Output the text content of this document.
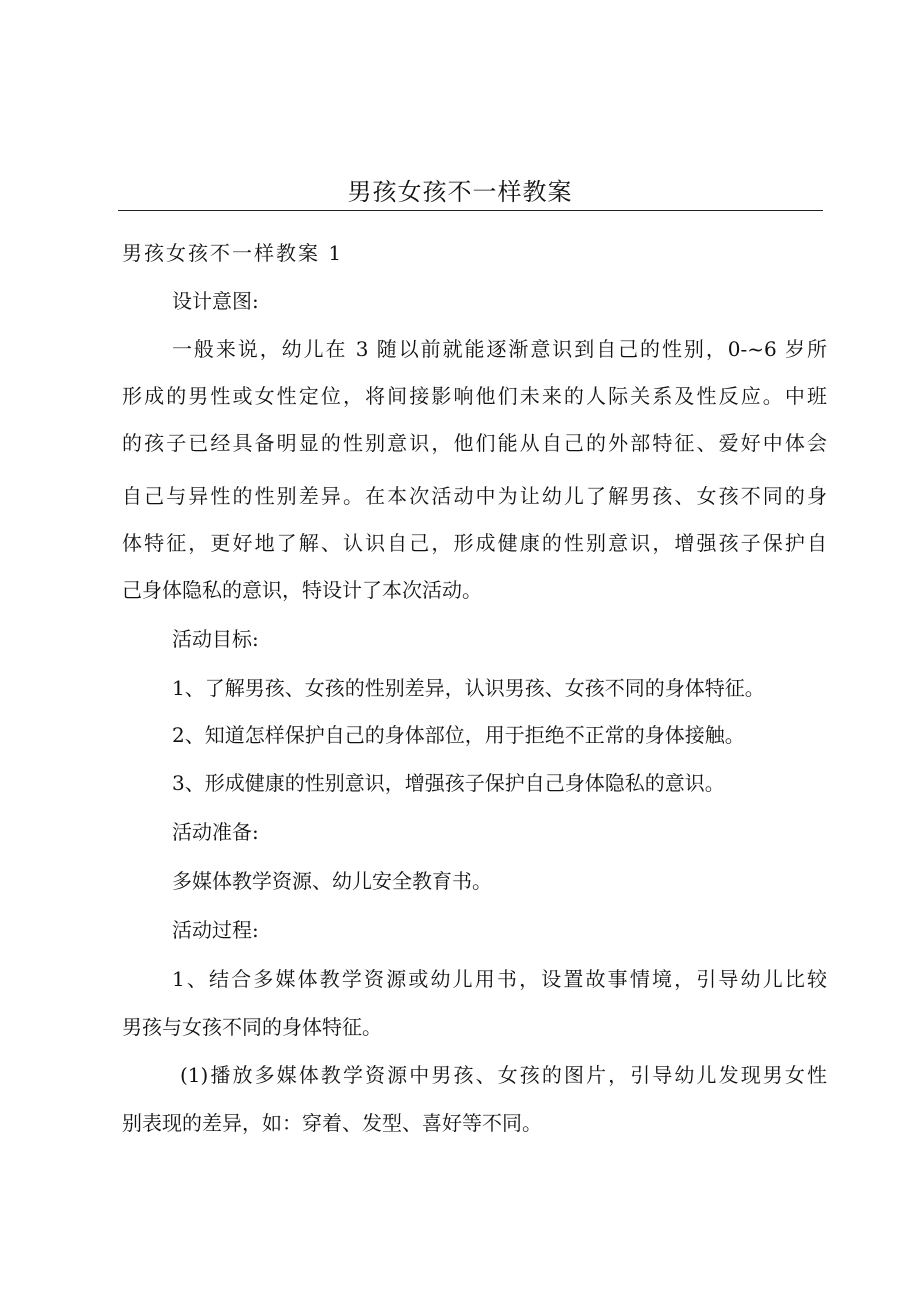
男孩女孩不一样教案
男孩女孩不一样教案 1
设计意图:
一般来说，幼儿在 3 随以前就能逐渐意识到自己的性别，0-~6 岁所
形成的男性或女性定位，将间接影响他们未来的人际关系及性反应。中班
的孩子已经具备明显的性别意识，他们能从自己的外部特征、爱好中体会
自己与异性的性别差异。在本次活动中为让幼儿了解男孩、女孩不同的身
体特征，更好地了解、认识自己，形成健康的性别意识，增强孩子保护自
己身体隐私的意识，特设计了本次活动。
活动目标:
1、了解男孩、女孩的性别差异，认识男孩、女孩不同的身体特征。
2、知道怎样保护自己的身体部位，用于拒绝不正常的身体接触。
3、形成健康的性别意识，增强孩子保护自己身体隐私的意识。
活动准备:
多媒体教学资源、幼儿安全教育书。
活动过程:
1、结合多媒体教学资源或幼儿用书，设置故事情境，引导幼儿比较
男孩与女孩不同的身体特征。
(1)播放多媒体教学资源中男孩、女孩的图片，引导幼儿发现男女性
别表现的差异，如：穿着、发型、喜好等不同。
